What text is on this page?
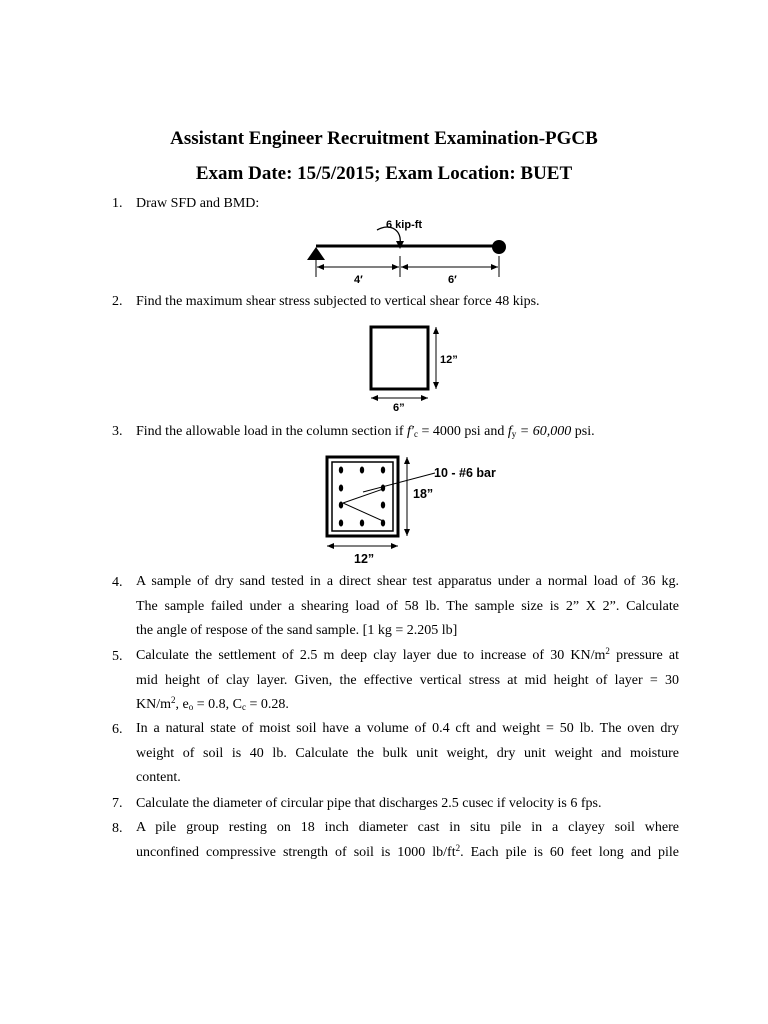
Assistant Engineer Recruitment Examination-PGCB
Exam Date: 15/5/2015; Exam Location: BUET
1. Draw SFD and BMD:
6 kip-ft
4′	6′
2. Find the maximum shear stress subjected to vertical shear force 48 kips.
12”
6”
3. Find the allowable load in the column section if $f'_c = 4000$ psi and $f_y = 60,000$ psi.
10 - #6 bar
18”
12”
4. A sample of dry sand tested in a direct shear test apparatus under a normal load of 36 kg.
The sample failed under a shearing load of 58 lb. The sample size is 2” X 2”. Calculate
the angle of respose of the sand sample. [1 kg = 2.205 lb]
5. Calculate the settlement of 2.5 m deep clay layer due to increase of 30 $KN/m^2$ pressure at
mid height of clay layer. Given, the effective vertical stress at mid height of layer = 30
$KN/m^2$, $e_o = 0.8$, $C_c = 0.28$.
6. In a natural state of moist soil have a volume of 0.4 cft and weight = 50 lb. The oven dry
weight of soil is 40 lb. Calculate the bulk unit weight, dry unit weight and moisture
content.
7. Calculate the diameter of circular pipe that discharges 2.5 cusec if velocity is 6 fps.
8. A pile group resting on 18 inch diameter cast in situ pile in a clayey soil where
unconfined compressive strength of soil is 1000 $lb/ft^2$. Each pile is 60 feet long and pile
